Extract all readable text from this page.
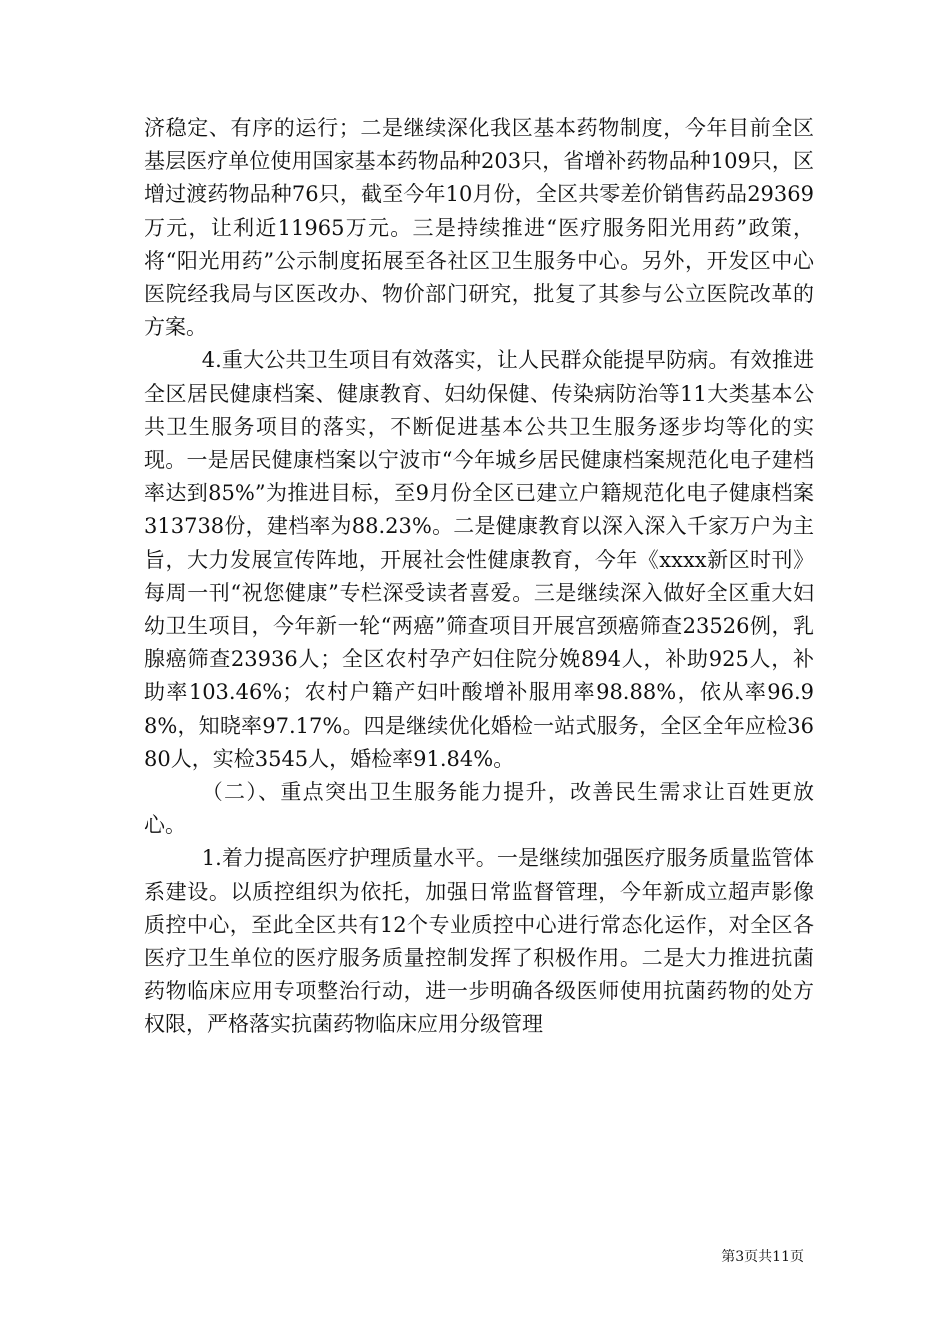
济稳定、有序的运行；二是继续深化我区基本药物制度，今年目前全区基层医疗单位使用国家基本药物品种203只，省增补药物品种109只，区增过渡药物品种76只，截至今年10月份，全区共零差价销售药品29369万元，让利近11965万元。三是持续推进“医疗服务阳光用药”政策，将“阳光用药”公示制度拓展至各社区卫生服务中心。另外，开发区中心医院经我局与区医改办、物价部门研究，批复了其参与公立医院改革的方案。

4.重大公共卫生项目有效落实，让人民群众能提早防病。有效推进全区居民健康档案、健康教育、妇幼保健、传染病防治等11大类基本公共卫生服务项目的落实，不断促进基本公共卫生服务逐步均等化的实现。一是居民健康档案以宁波市“今年城乡居民健康档案规范化电子建档率达到85%”为推进目标，至9月份全区已建立户籍规范化电子健康档案313738份，建档率为88.23%。二是健康教育以深入深入千家万户为主旨，大力发展宣传阵地，开展社会性健康教育，今年《xxxx新区时刊》每周一刊“祝您健康”专栏深受读者喜爱。三是继续深入做好全区重大妇幼卫生项目，今年新一轮“两癌”筛查项目开展宫颈癌筛查23526例，乳腺癌筛查23936人；全区农村孕产妇住院分娩894人，补助925人，补助率103.46%；农村户籍产妇叶酸增补服用率98.88%，依从率96.98%，知晓率97.17%。四是继续优化婚检一站式服务，全区全年应检3680人，实检3545人，婚检率91.84%。

（二）、重点突出卫生服务能力提升，改善民生需求让百姓更放心。

1.着力提高医疗护理质量水平。一是继续加强医疗服务质量监管体系建设。以质控组织为依托，加强日常监督管理，今年新成立超声影像质控中心，至此全区共有12个专业质控中心进行常态化运作，对全区各医疗卫生单位的医疗服务质量控制发挥了积极作用。二是大力推进抗菌药物临床应用专项整治行动，进一步明确各级医师使用抗菌药物的处方权限，严格落实抗菌药物临床应用分级管理

第3页共11页
